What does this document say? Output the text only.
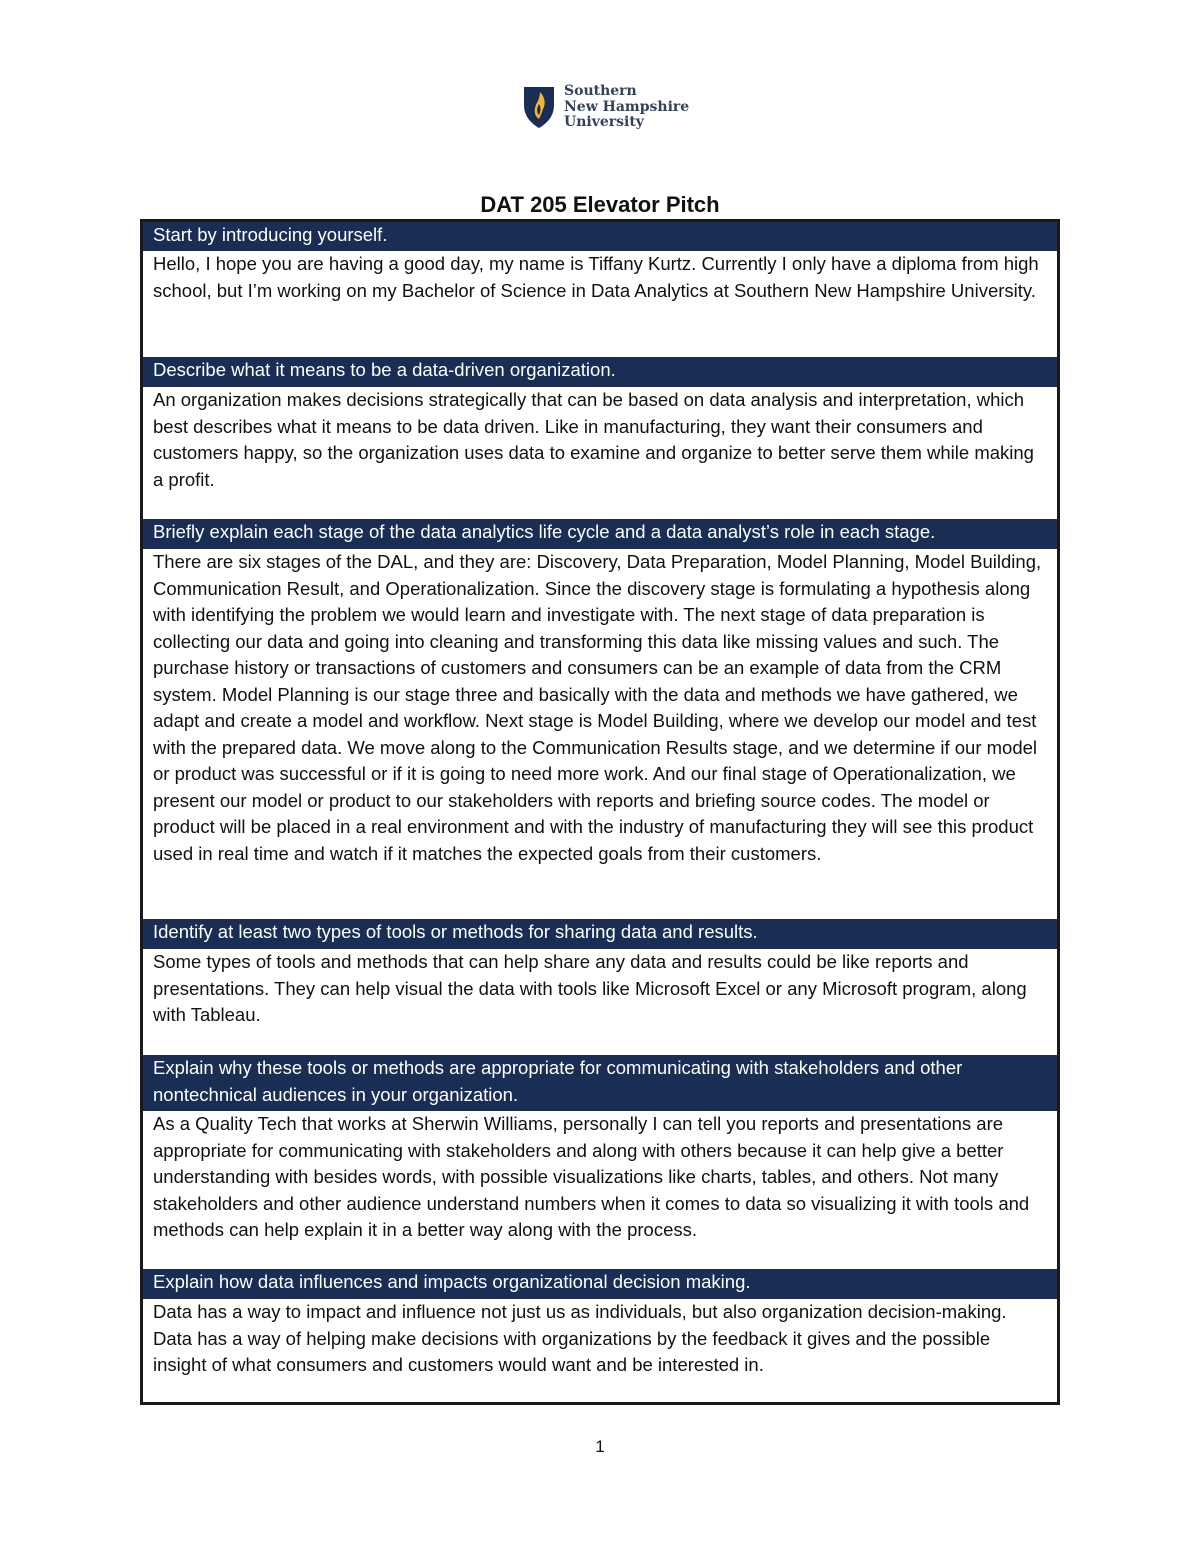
Southern
New Hampshire
University
DAT 205 Elevator Pitch
Start by introducing yourself.
Hello, I hope you are having a good day, my name is Tiffany Kurtz. Currently I only have a diploma from high school, but I’m working on my Bachelor of Science in Data Analytics at Southern New Hampshire University.
Describe what it means to be a data-driven organization.
An organization makes decisions strategically that can be based on data analysis and interpretation, which best describes what it means to be data driven. Like in manufacturing, they want their consumers and customers happy, so the organization uses data to examine and organize to better serve them while making a profit.
Briefly explain each stage of the data analytics life cycle and a data analyst’s role in each stage.
There are six stages of the DAL, and they are: Discovery, Data Preparation, Model Planning, Model Building, Communication Result, and Operationalization. Since the discovery stage is formulating a hypothesis along with identifying the problem we would learn and investigate with. The next stage of data preparation is collecting our data and going into cleaning and transforming this data like missing values and such. The purchase history or transactions of customers and consumers can be an example of data from the CRM system. Model Planning is our stage three and basically with the data and methods we have gathered, we adapt and create a model and workflow. Next stage is Model Building, where we develop our model and test with the prepared data. We move along to the Communication Results stage, and we determine if our model or product was successful or if it is going to need more work. And our final stage of Operationalization, we present our model or product to our stakeholders with reports and briefing source codes. The model or product will be placed in a real environment and with the industry of manufacturing they will see this product used in real time and watch if it matches the expected goals from their customers.
Identify at least two types of tools or methods for sharing data and results.
Some types of tools and methods that can help share any data and results could be like reports and presentations. They can help visual the data with tools like Microsoft Excel or any Microsoft program, along with Tableau.
Explain why these tools or methods are appropriate for communicating with stakeholders and other nontechnical audiences in your organization.
As a Quality Tech that works at Sherwin Williams, personally I can tell you reports and presentations are appropriate for communicating with stakeholders and along with others because it can help give a better understanding with besides words, with possible visualizations like charts, tables, and others. Not many stakeholders and other audience understand numbers when it comes to data so visualizing it with tools and methods can help explain it in a better way along with the process.
Explain how data influences and impacts organizational decision making.
Data has a way to impact and influence not just us as individuals, but also organization decision-making. Data has a way of helping make decisions with organizations by the feedback it gives and the possible insight of what consumers and customers would want and be interested in.
1
